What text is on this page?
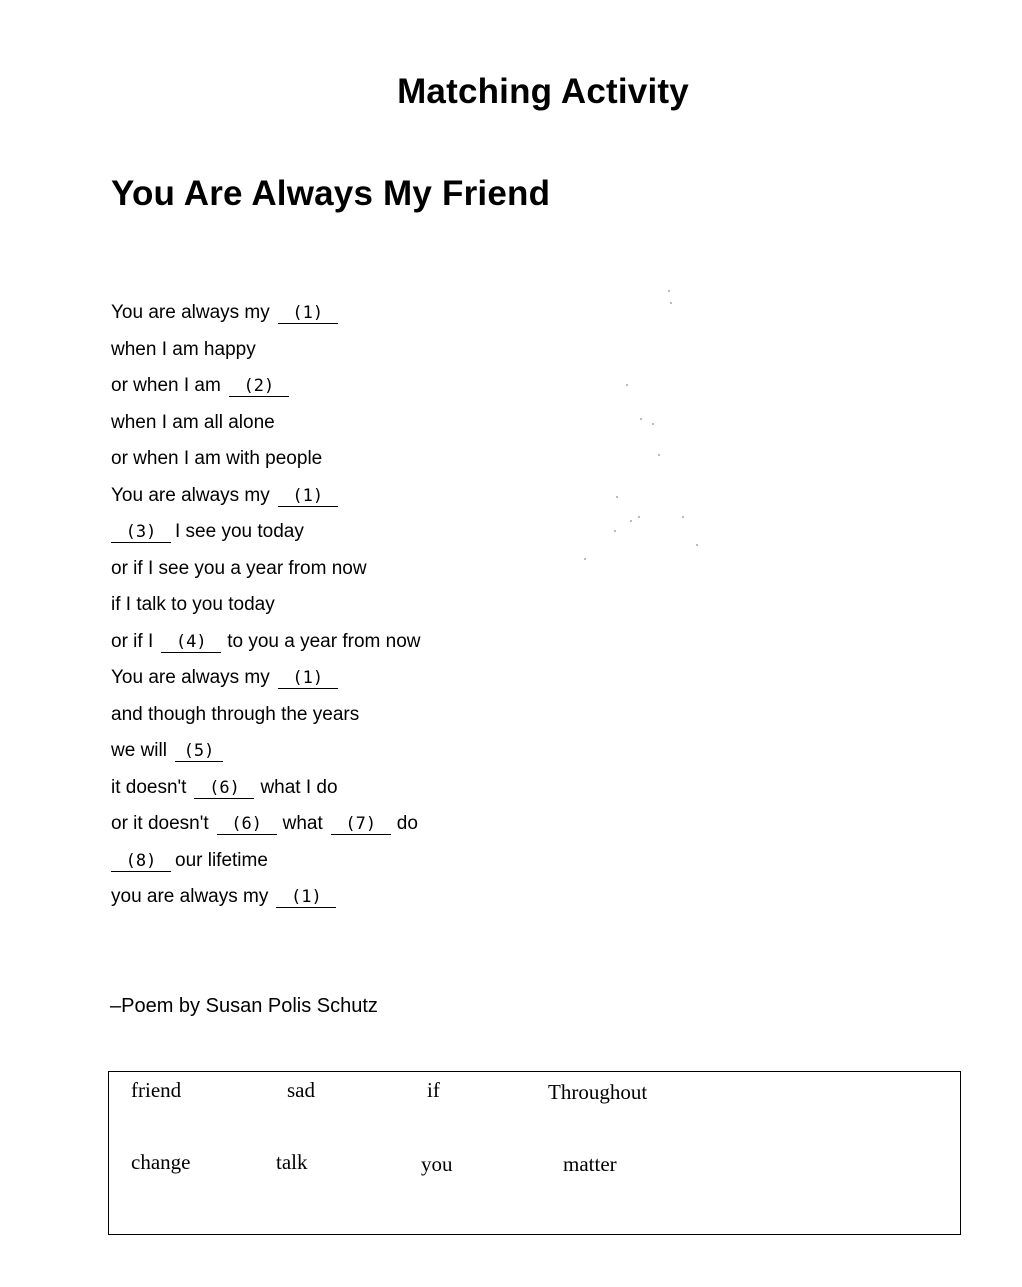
Matching Activity
You Are Always My Friend
You are always my (1)
when I am happy
or when I am (2)
when I am all alone
or when I am with people
You are always my (1)
(3) I see you today
or if I see you a year from now
if I talk to you today
or if I (4) to you a year from now
You are always my (1)
and though through the years
we will (5)
it doesn't (6) what I do
or it doesn't (6) what (7) do
(8) our lifetime
you are always my (1)
–Poem by Susan Polis Schutz
friend	sad	if	Throughout
change	talk	you	matter
